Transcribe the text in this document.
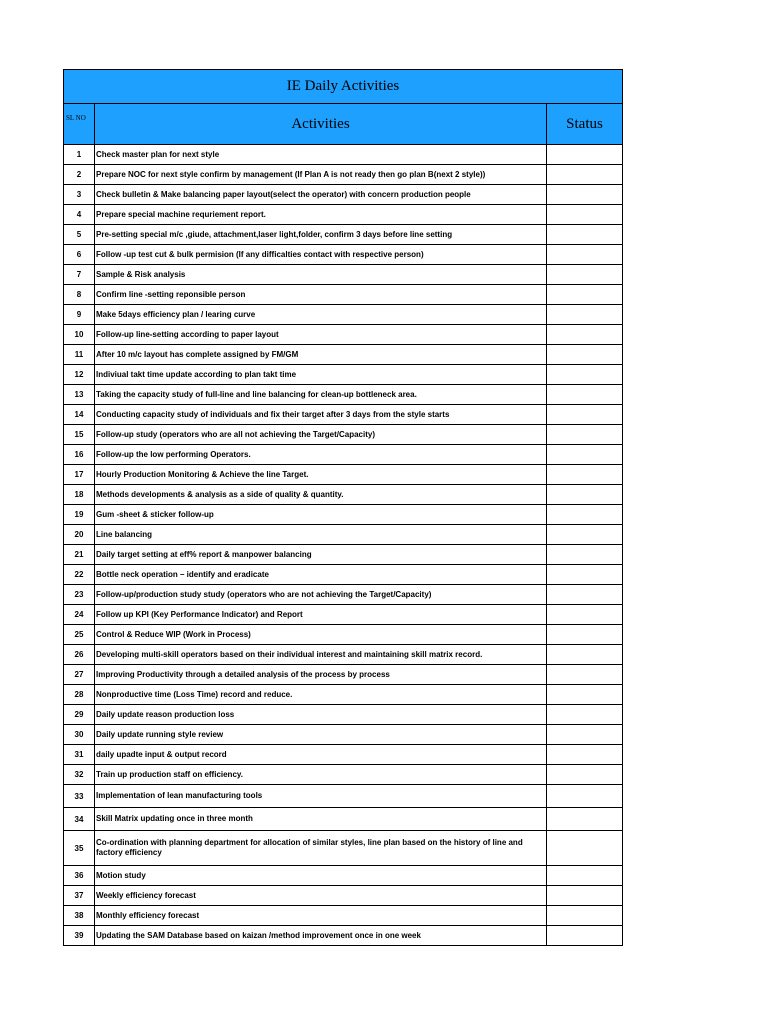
IE Daily Activities		
SL NO	Activities	Status
1	Check master plan for next style	
2	Prepare NOC for next style confirm by management (If Plan A is not ready then go plan B(next 2 style))	
3	Check bulletin & Make balancing paper layout(select the operator) with concern production people	
4	Prepare special machine requriement report.	
5	Pre-setting special m/c ,giude, attachment,laser light,folder, confirm 3 days before line setting	
6	Follow -up test cut & bulk permision (If any difficalties contact with respective person)	
7	Sample & Risk analysis	
8	Confirm line -setting reponsible person	
9	Make 5days efficiency plan / learing curve	
10	Follow-up line-setting according to paper layout	
11	After 10 m/c layout has complete assigned by FM/GM	
12	Indiviual takt time update according to plan takt time	
13	Taking the capacity study of full-line and line balancing for clean-up bottleneck area.	
14	Conducting capacity study of individuals and fix their target after 3 days from the style starts	
15	Follow-up study (operators who are all not achieving the Target/Capacity)	
16	Follow-up the low performing Operators.	
17	Hourly Production Monitoring & Achieve the line Target.	
18	Methods developments & analysis as a side of quality & quantity.	
19	Gum -sheet & sticker follow-up	
20	Line balancing	
21	Daily target setting at eff% report & manpower balancing	
22	Bottle neck operation – identify and eradicate	
23	Follow-up/production study study (operators who are not achieving the Target/Capacity)	
24	Follow up KPI (Key Performance Indicator) and Report	
25	Control & Reduce WIP (Work in Process)	
26	Developing multi-skill operators based on their individual interest and maintaining skill matrix record.	
27	Improving Productivity through a detailed analysis of the process by process	
28	Nonproductive time (Loss Time) record and reduce.	
29	Daily update reason production loss	
30	Daily update running style review	
31	daily upadte input & output record	
32	Train up production staff on efficiency.	
33	Implementation of lean manufacturing tools	
34	Skill Matrix updating once in three month	
35	Co-ordination with planning department for allocation of similar styles, line plan based on the history of line and factory efficiency	
36	Motion study	
37	Weekly efficiency forecast	
38	Monthly efficiency forecast	
39	Updating the SAM Database based on kaizan /method improvement once in one week	
